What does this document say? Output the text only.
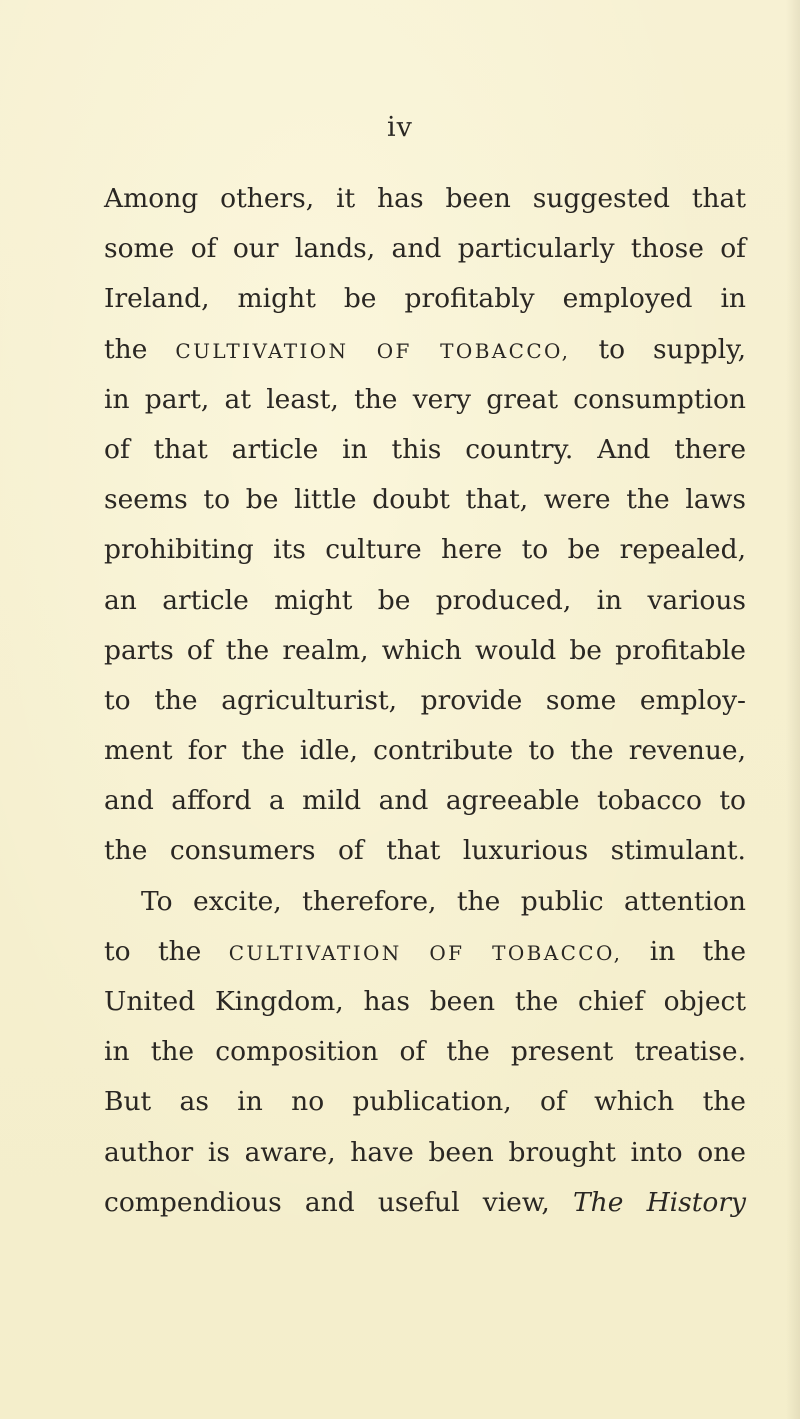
iv
Among others, it has been suggested that
some of our lands, and particularly those of
Ireland, might be profitably employed in
the CULTIVATION OF TOBACCO, to supply,
in part, at least, the very great consumption
of that article in this country. And there
seems to be little doubt that, were the laws
prohibiting its culture here to be repealed,
an article might be produced, in various
parts of the realm, which would be profitable
to the agriculturist, provide some employ-
ment for the idle, contribute to the revenue,
and afford a mild and agreeable tobacco to
the consumers of that luxurious stimulant.
To excite, therefore, the public attention
to the CULTIVATION OF TOBACCO, in the
United Kingdom, has been the chief object
in the composition of the present treatise.
But as in no publication, of which the
author is aware, have been brought into one
compendious and useful view, The History
